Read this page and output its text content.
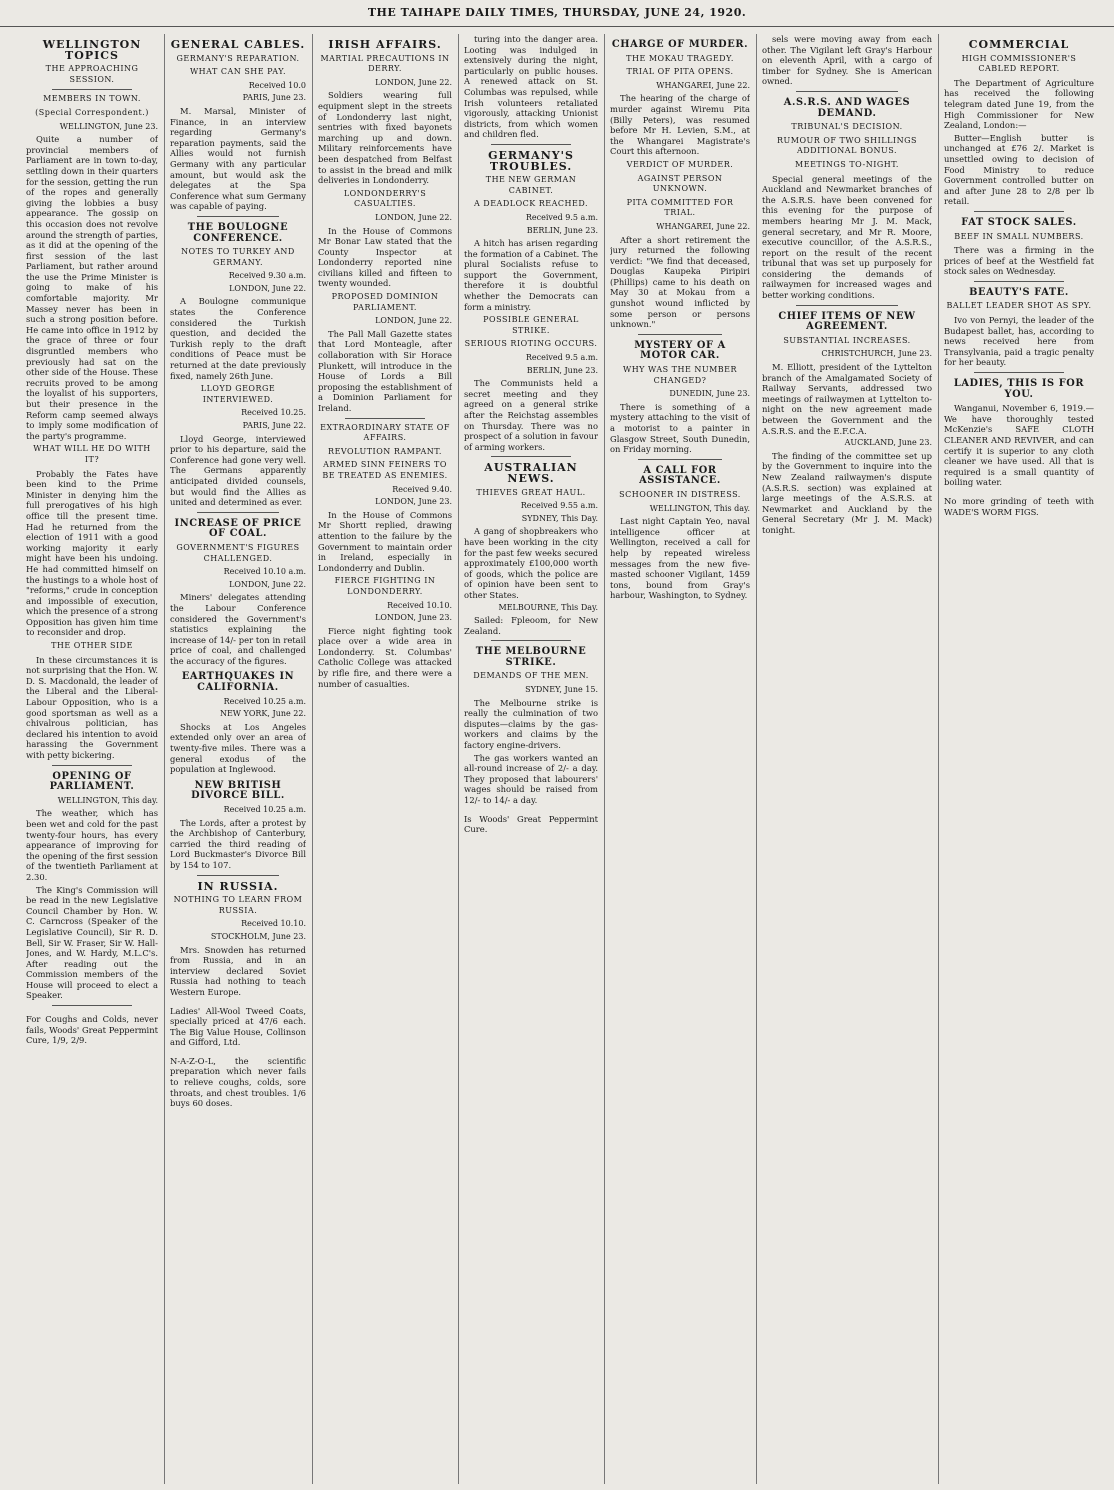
THE TAIHAPE DAILY TIMES, THURSDAY, JUNE 24, 1920.
WELLINGTON TOPICS
THE APPROACHING SESSION.
MEMBERS IN TOWN.
(Special Correspondent.)
WELLINGTON, June 23.

Quite a number of provincial members of Parliament are in town to-day, settling down in their quarters for the session, getting the run of the ropes and generally giving the lobbies a busy appearance. The gossip on this occasion does not revolve around the strength of parties, as it did at the opening of the first session of the last Parliament, but rather around the use the Prime Minister is going to make of his comfortable majority. Mr Massey never has been in such a strong position before. He came into office in 1912 by the grace of three or four disgruntled members who previously had sat on the other side of the House. These recruits proved to be among the loyalist of his supporters, but their presence in the Reform camp seemed always to imply some modification of the party's programme.

WHAT WILL HE DO WITH IT?

Probably the Fates have been kind to the Prime Minister in denying him the full prerogatives of his high office till the present time. Had he returned from the election of 1911 with a good working majority it early might have been his undoing. He had committed himself on the hustings to a whole host of "reforms," crude in conception and impossible of execution, which the presence of a strong Opposition has given him time to reconsider and drop.

THE OTHER SIDE

In these circumstances it is not surprising that the Hon. W. D. S. Macdonald, the leader of the Liberal and the Liberal-Labour Opposition, who is a good sportsman as well as a chivalrous politician, has declared his intention to avoid harassing the Government with petty bickering.

OPENING OF PARLIAMENT.
WELLINGTON, This day.

The weather, which has been wet and cold for the past twenty-four hours, has every appearance of improving for the opening of the first session of the twentieth Parliament at 2.30.

The King's Commission will be read in the new Legislative Council Chamber by Hon. W. C. Carncross (Speaker of the Legislative Council), Sir R. D. Bell, Sir W. Fraser, Sir W. Hall-Jones, and W. Hardy, M.L.C's. After reading out the Commission members of the House will proceed to elect a Speaker.

For Coughs and Colds, never fails, Woods' Great Peppermint Cure, 1/9, 2/9.
GENERAL CABLES.
GERMANY'S REPARATION.
WHAT CAN SHE PAY.
Received 10.0
PARIS, June 23.

M. Marsal, Minister of Finance, in an interview regarding Germany's reparation payments, said the Allies would not furnish Germany with any particular amount, but would ask the delegates at the Spa Conference what sum Germany was capable of paying.

THE BOULOGNE CONFERENCE.
NOTES TO TURKEY AND GERMANY.
Received 9.30 a.m.
LONDON, June 22.

A Boulogne communique states the Conference considered the Turkish question, and decided the Turkish reply to the draft conditions of Peace must be returned at the date previously fixed, namely 26th June.

LLOYD GEORGE INTERVIEWED.
Received 10.25.
PARIS, June 22.

Lloyd George, interviewed prior to his departure, said the Conference had gone very well. The Germans apparently anticipated divided counsels, but would find the Allies as united and determined as ever.

INCREASE OF PRICE OF COAL.
GOVERNMENT'S FIGURES CHALLENGED.
Received 10.10 a.m.
LONDON, June 22.

Miners' delegates attending the Labour Conference considered the Government's statistics explaining the increase of 14/- per ton in retail price of coal, and challenged the accuracy of the figures.

EARTHQUAKES IN CALIFORNIA.
Received 10.25 a.m.
NEW YORK, June 22.

Shocks at Los Angeles extended only over an area of twenty-five miles. There was a general exodus of the population at Inglewood.

NEW BRITISH DIVORCE BILL.
Received 10.25 a.m.

The Lords, after a protest by the Archbishop of Canterbury, carried the third reading of Lord Buckmaster's Divorce Bill by 154 to 107.

IN RUSSIA.
NOTHING TO LEARN FROM RUSSIA.
Received 10.10.
STOCKHOLM, June 23.

Mrs. Snowden has returned from Russia, and in an interview declared Soviet Russia had nothing to teach Western Europe.

Ladies' All-Wool Tweed Coats, specially priced at 47/6 each. The Big Value House, Collinson and Gifford, Ltd.
N-A-Z-O-L, the scientific preparation which never fails to relieve coughs, colds, sore throats, and chest troubles. 1/6 buys 60 doses.
IRISH AFFAIRS.
MARTIAL PRECAUTIONS IN DERRY.
LONDON, June 22.

Soldiers wearing full equipment slept in the streets of Londonderry last night, sentries with fixed bayonets marching up and down. Military reinforcements have been despatched from Belfast to assist in the bread and milk deliveries in Londonderry.

LONDONDERRY'S CASUALTIES.
LONDON, June 22.

In the House of Commons Mr Bonar Law stated that the County Inspector at Londonderry reported nine civilians killed and fifteen to twenty wounded.

PROPOSED DOMINION PARLIAMENT.
LONDON, June 22.

The Pall Mall Gazette states that Lord Monteagle, after collaboration with Sir Horace Plunkett, will introduce in the House of Lords a Bill proposing the establishment of a Dominion Parliament for Ireland.

EXTRAORDINARY STATE OF AFFAIRS.
REVOLUTION RAMPANT.
ARMED SINN FEINERS TO BE TREATED AS ENEMIES.
Received 9.40.
LONDON, June 23.

In the House of Commons Mr Shortt replied, drawing attention to the failure by the Government to maintain order in Ireland, especially in Londonderry and Dublin.

FIERCE FIGHTING IN LONDONDERRY.
Received 10.10.
LONDON, June 23.

Fierce night fighting took place over a wide area in Londonderry. St. Columbas' Catholic College was attacked by rifle fire, and there were a number of casualties.

turing into the danger area. Looting was indulged in extensively during the night, particularly on public houses. A renewed attack on St. Columbas was repulsed, while Irish volunteers retaliated vigorously, attacking Unionist districts, from which women and children fled.

GERMANY'S TROUBLES.
THE NEW GERMAN CABINET.
A DEADLOCK REACHED.
Received 9.5 a.m.
BERLIN, June 23.

A hitch has arisen regarding the formation of a Cabinet. The plural Socialists refuse to support the Government, therefore it is doubtful whether the Democrats can form a ministry.

POSSIBLE GENERAL STRIKE.
SERIOUS RIOTING OCCURS.
Received 9.5 a.m.
BERLIN, June 23.

The Communists held a secret meeting and they agreed on a general strike after the Reichstag assembles on Thursday. There was no prospect of a solution in favour of arming workers.

AUSTRALIAN NEWS.
THIEVES GREAT HAUL.
Received 9.55 a.m.
SYDNEY, This Day.

A gang of shopbreakers who have been working in the city for the past few weeks secured approximately £100,000 worth of goods, which the police are of opinion have been sent to other States.

MELBOURNE, This Day.

Sailed: Fpleoom, for New Zealand.

THE MELBOURNE STRIKE.
DEMANDS OF THE MEN.
SYDNEY, June 15.

The Melbourne strike is really the culmination of two disputes—claims by the gas-workers and claims by the factory engine-drivers.

The gas workers wanted an all-round increase of 2/- a day. They proposed that labourers' wages should be raised from 12/- to 14/- a day.

Is Woods' Great Peppermint Cure.
CHARGE OF MURDER.
THE MOKAU TRAGEDY.
TRIAL OF PITA OPENS.
WHANGAREI, June 22.

The hearing of the charge of murder against Wiremu Pita (Billy Peters), was resumed before Mr H. Levien, S.M., at the Whangarei Magistrate's Court this afternoon.

VERDICT OF MURDER.
AGAINST PERSON UNKNOWN.
PITA COMMITTED FOR TRIAL.
WHANGAREI, June 22.

After a short retirement the jury returned the following verdict: "We find that deceased, Douglas Kaupeka Piripiri (Phillips) came to his death on May 30 at Mokau from a gunshot wound inflicted by some person or persons unknown."

MYSTERY OF A MOTOR CAR.
WHY WAS THE NUMBER CHANGED?
DUNEDIN, June 23.

There is something of a mystery attaching to the visit of a motorist to a painter in Glasgow Street, South Dunedin, on Friday morning.

A CALL FOR ASSISTANCE.
SCHOONER IN DISTRESS.
WELLINGTON, This day.

Last night Captain Yeo, naval intelligence officer at Wellington, received a call for help by repeated wireless messages from the new five-masted schooner Vigilant, 1459 tons, bound from Gray's harbour, Washington, to Sydney.

sels were moving away from each other. The Vigilant left Gray's Harbour on eleventh April, with a cargo of timber for Sydney. She is American owned.

A.S.R.S. AND WAGES DEMAND.
TRIBUNAL'S DECISION.
RUMOUR OF TWO SHILLINGS ADDITIONAL BONUS.
MEETINGS TO-NIGHT.

Special general meetings of the Auckland and Newmarket branches of the A.S.R.S. have been convened for this evening for the purpose of members hearing Mr J. M. Mack, general secretary, and Mr R. Moore, executive councillor, of the A.S.R.S., report on the result of the recent tribunal that was set up purposely for considering the demands of railwaymen for increased wages and better working conditions.

CHIEF ITEMS OF NEW AGREEMENT.
SUBSTANTIAL INCREASES.
CHRISTCHURCH, June 23.

M. Elliott, president of the Lyttelton branch of the Amalgamated Society of Railway Servants, addressed two meetings of railwaymen at Lyttelton to-night on the new agreement made between the Government and the A.S.R.S. and the E.F.C.A.

AUCKLAND, June 23.

The finding of the committee set up by the Government to inquire into the New Zealand railwaymen's dispute (A.S.R.S. section) was explained at large meetings of the A.S.R.S. at Newmarket and Auckland by the General Secretary (Mr J. M. Mack) tonight.

COMMERCIAL
HIGH COMMISSIONER'S CABLED REPORT.

The Department of Agriculture has received the following telegram dated June 19, from the High Commissioner for New Zealand, London:—

Butter—English butter is unchanged at £76 2/. Market is unsettled owing to decision of Food Ministry to reduce Government controlled butter on and after June 28 to 2/8 per lb retail.

FAT STOCK SALES.
BEEF IN SMALL NUMBERS.

There was a firming in the prices of beef at the Westfield fat stock sales on Wednesday.

BEAUTY'S FATE.
BALLET LEADER SHOT AS SPY.

Ivo von Pernyi, the leader of the Budapest ballet, has, according to news received here from Transylvania, paid a tragic penalty for her beauty.

LADIES, THIS IS FOR YOU.

Wanganui, November 6, 1919.—We have thoroughly tested McKenzie's SAFE CLOTH CLEANER AND REVIVER, and can certify it is superior to any cloth cleaner we have used. All that is required is a small quantity of boiling water.

No more grinding of teeth with WADE'S WORM FIGS.
